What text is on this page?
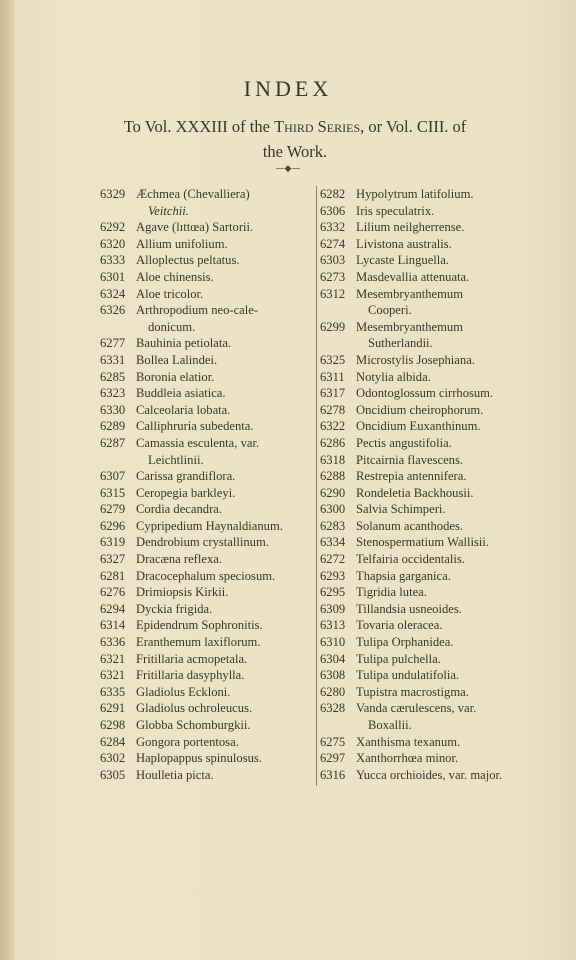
INDEX
To Vol. XXXIII of the Third Series, or Vol. CIII. of
the Work.
—◆—
6329 Æchmea (Chevalliera)
Veitchii.
6292 Agave (lıttœa) Sartorii.
6320 Allium unifolium.
6333 Alloplectus peltatus.
6301 Aloe chinensis.
6324 Aloe tricolor.
6326 Arthropodium neo-cale-
donicum.
6277 Bauhinia petiolata.
6331 Bollea Lalindei.
6285 Boronia elatior.
6323 Buddleia asiatica.
6330 Calceolaria lobata.
6289 Calliphruria subedenta.
6287 Camassia esculenta, var.
Leichtlinii.
6307 Carissa grandiflora.
6315 Ceropegia barkleyi.
6279 Cordia decandra.
6296 Cypripedium Haynaldianum.
6319 Dendrobium crystallinum.
6327 Dracæna reflexa.
6281 Dracocephalum speciosum.
6276 Drimiopsis Kirkii.
6294 Dyckia frigida.
6314 Epidendrum Sophronitis.
6336 Eranthemum laxiflorum.
6321 Fritillaria acmopetala.
6321 Fritillaria dasyphylla.
6335 Gladiolus Eckloni.
6291 Gladiolus ochroleucus.
6298 Globba Schomburgkii.
6284 Gongora portentosa.
6302 Haplopappus spinulosus.
6305 Houlletia picta.
6282 Hypolytrum latifolium.
6306 Iris speculatrix.
6332 Lilium neilgherrense.
6274 Livistona australis.
6303 Lycaste Linguella.
6273 Masdevallia attenuata.
6312 Mesembryanthemum
Cooperi.
6299 Mesembryanthemum
Sutherlandii.
6325 Microstylis Josephiana.
6311 Notylia albida.
6317 Odontoglossum cirrhosum.
6278 Oncidium cheirophorum.
6322 Oncidium Euxanthinum.
6286 Pectis angustifolia.
6318 Pitcairnia flavescens.
6288 Restrepia antennifera.
6290 Rondeletia Backhousii.
6300 Salvia Schimperi.
6283 Solanum acanthodes.
6334 Stenospermatium Wallisii.
6272 Telfairia occidentalis.
6293 Thapsia garganica.
6295 Tigridia lutea.
6309 Tillandsia usneoides.
6313 Tovaria oleracea.
6310 Tulipa Orphanidea.
6304 Tulipa pulchella.
6308 Tulipa undulatifolia.
6280 Tupistra macrostigma.
6328 Vanda cærulescens, var.
Boxallii.
6275 Xanthisma texanum.
6297 Xanthorrhœa minor.
6316 Yucca orchioides, var. major.
